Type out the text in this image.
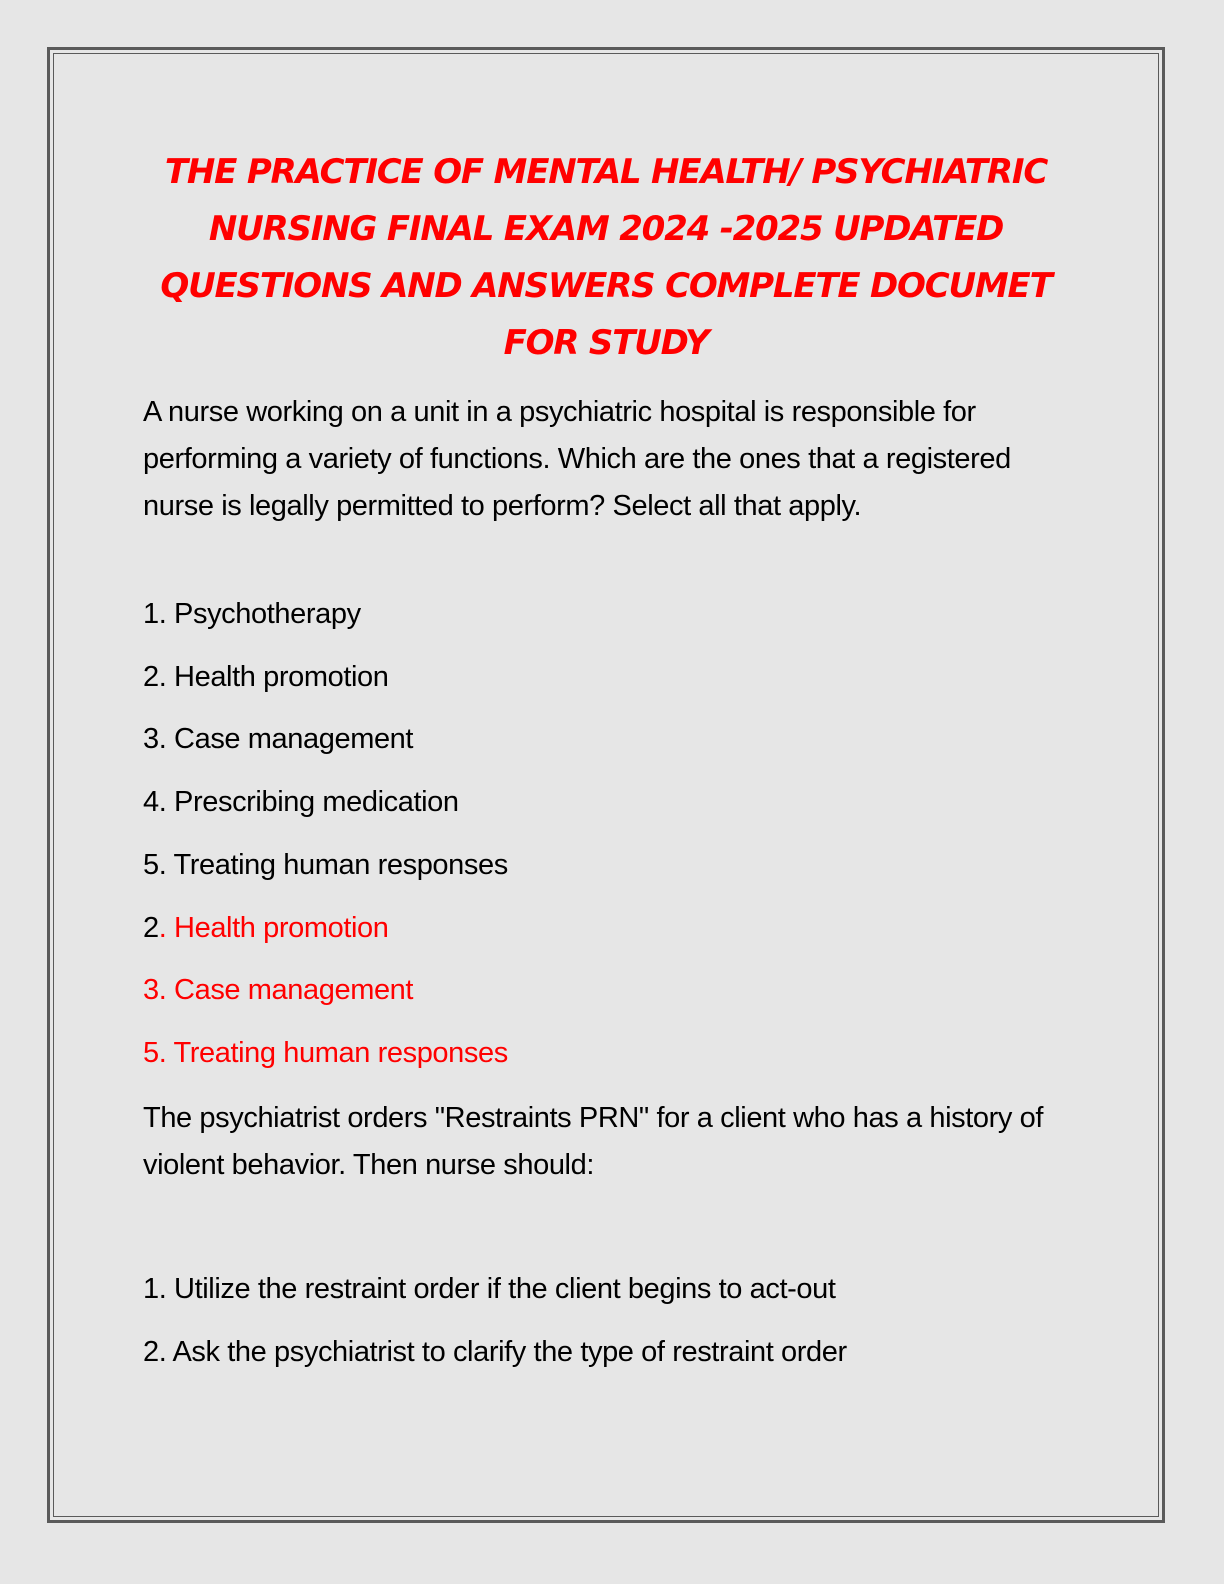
THE PRACTICE OF MENTAL HEALTH/ PSYCHIATRIC
NURSING FINAL EXAM 2024 -2025 UPDATED
QUESTIONS AND ANSWERS COMPLETE DOCUMET
FOR STUDY
A nurse working on a unit in a psychiatric hospital is responsible for performing a variety of functions. Which are the ones that a registered nurse is legally permitted to perform? Select all that apply.
1. Psychotherapy
2. Health promotion
3. Case management
4. Prescribing medication
5. Treating human responses
2. Health promotion
3. Case management
5. Treating human responses
The psychiatrist orders "Restraints PRN" for a client who has a history of violent behavior. Then nurse should:
1. Utilize the restraint order if the client begins to act-out
2. Ask the psychiatrist to clarify the type of restraint order
